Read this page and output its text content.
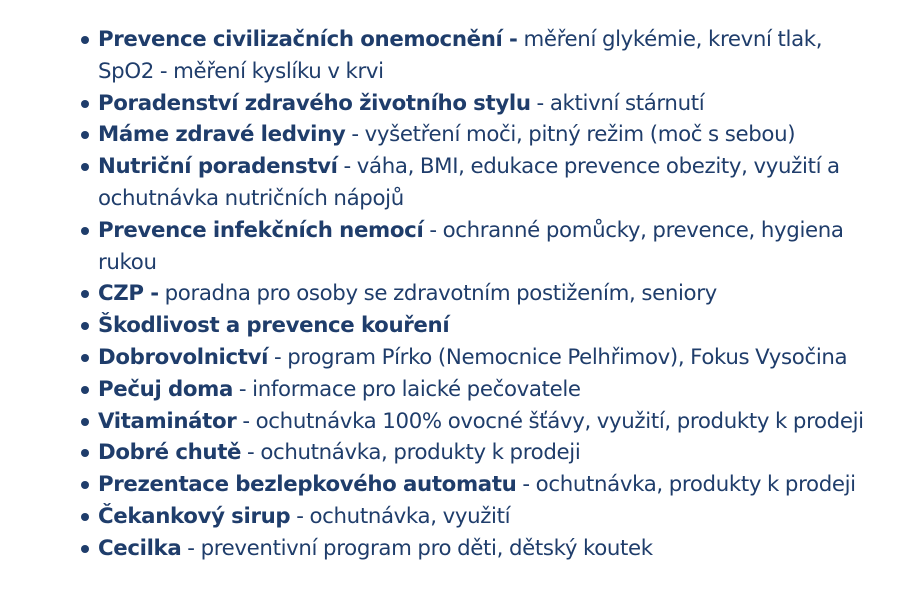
Prevence civilizačních onemocnění - měření glykémie, krevní tlak,
SpO2 - měření kyslíku v krvi
Poradenství zdravého životního stylu - aktivní stárnutí
Máme zdravé ledviny - vyšetření moči, pitný režim (moč s sebou)
Nutriční poradenství - váha, BMI, edukace prevence obezity, využití a
ochutnávka nutričních nápojů
Prevence infekčních nemocí - ochranné pomůcky, prevence, hygiena
rukou
CZP - poradna pro osoby se zdravotním postižením, seniory
Škodlivost a prevence kouření
Dobrovolnictví - program Pírko (Nemocnice Pelhřimov), Fokus Vysočina
Pečuj doma - informace pro laické pečovatele
Vitaminátor - ochutnávka 100% ovocné šťávy, využití, produkty k prodeji
Dobré chutě - ochutnávka, produkty k prodeji
Prezentace bezlepkového automatu - ochutnávka, produkty k prodeji
Čekankový sirup - ochutnávka, využití
Cecilka - preventivní program pro děti, dětský koutek
